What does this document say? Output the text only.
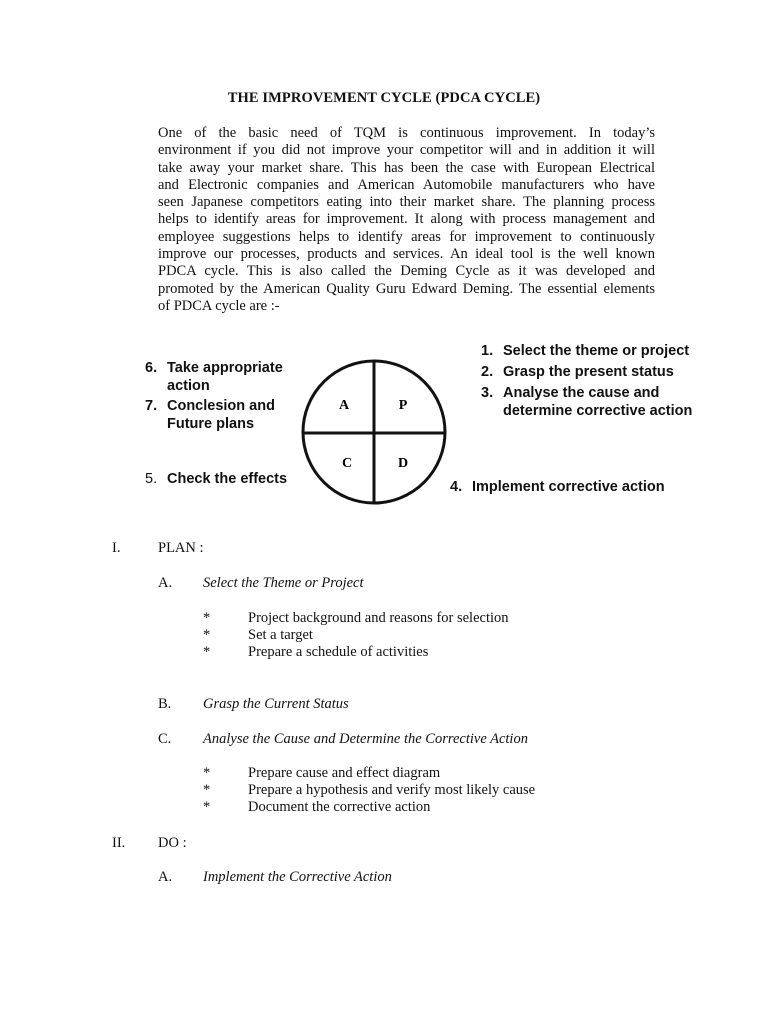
THE IMPROVEMENT CYCLE (PDCA CYCLE)

One of the basic need of TQM is continuous improvement. In today’s
environment if you did not improve your competitor will and in addition it will
take away your market share. This has been the case with European Electrical
and Electronic companies and American Automobile manufacturers who have
seen Japanese competitors eating into their market share. The planning process
helps to identify areas for improvement. It along with process management and
employee suggestions helps to identify areas for improvement to continuously
improve our processes, products and services. An ideal tool is the well known
PDCA cycle. This is also called the Deming Cycle as it was developed and
promoted by the American Quality Guru Edward Deming. The essential elements
of PDCA cycle are :-

A	P
C	D
1. Select the theme or project
2. Grasp the present status
3. Analyse the cause and
determine corrective action
4. Implement corrective action
5. Check the effects
6. Take appropriate
action
7. Conclesion and
Future plans
I.	PLAN :
A. Select the Theme or Project
*	Project background and reasons for selection
*	Set a target
*	Prepare a schedule of activities
B. Grasp the Current Status
C. Analyse the Cause and Determine the Corrective Action
*	Prepare cause and effect diagram
*	Prepare a hypothesis and verify most likely cause
*	Document the corrective action
II. DO :
A. Implement the Corrective Action
